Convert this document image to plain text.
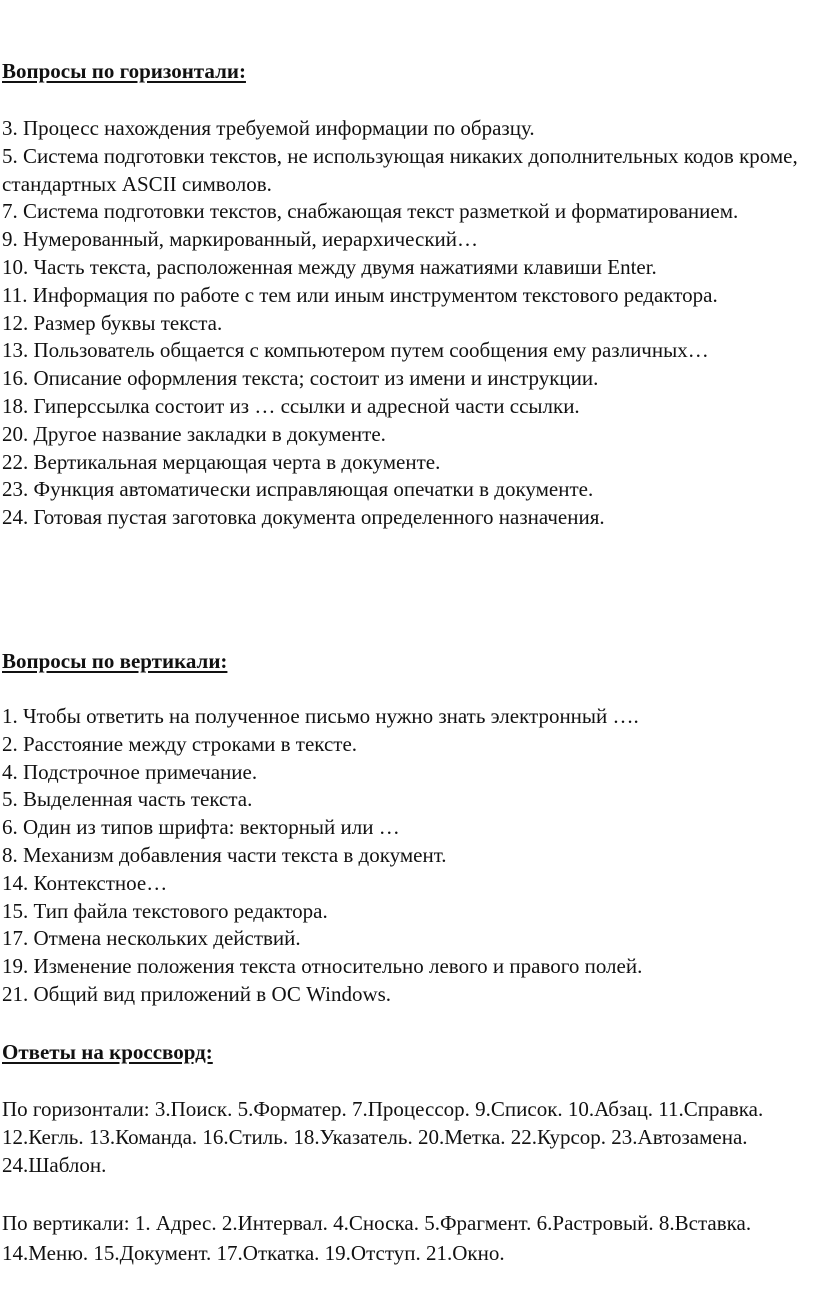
Вопросы по горизонтали:
3. Процесс нахождения требуемой информации по образцу.
5. Система подготовки текстов, не использующая никаких дополнительных кодов кроме, стандартных ASCII символов.
7. Система подготовки текстов, снабжающая текст разметкой и форматированием.
9. Нумерованный, маркированный, иерархический…
10. Часть текста, расположенная между двумя нажатиями клавиши Enter.
11. Информация по работе с тем или иным инструментом текстового редактора.
12. Размер буквы текста.
13. Пользователь общается с компьютером путем сообщения ему различных…
16. Описание оформления текста; состоит из имени и инструкции.
18. Гиперссылка состоит из … ссылки и адресной части ссылки.
20. Другое название закладки в документе.
22. Вертикальная мерцающая черта в документе.
23. Функция автоматически исправляющая опечатки в документе.
24. Готовая пустая заготовка документа определенного назначения.
Вопросы по вертикали:
1. Чтобы ответить на полученное письмо нужно знать электронный ….
2. Расстояние между строками в тексте.
4. Подстрочное примечание.
5. Выделенная часть текста.
6. Один из типов шрифта: векторный или …
8. Механизм добавления части текста в документ.
14. Контекстное…
15. Тип файла текстового редактора.
17. Отмена нескольких действий.
19. Изменение положения текста относительно левого и правого полей.
21. Общий вид приложений в ОС Windows.
Ответы на кроссворд:

По горизонтали: 3.Поиск. 5.Форматер. 7.Процессор. 9.Список. 10.Абзац. 11.Справка. 12.Кегль. 13.Команда. 16.Стиль. 18.Указатель. 20.Метка. 22.Курсор. 23.Автозамена. 24.Шаблон.

По вертикали: 1. Адрес. 2.Интервал. 4.Сноска. 5.Фрагмент. 6.Растровый. 8.Вставка. 14.Меню. 15.Документ. 17.Откатка. 19.Отступ. 21.Окно.
